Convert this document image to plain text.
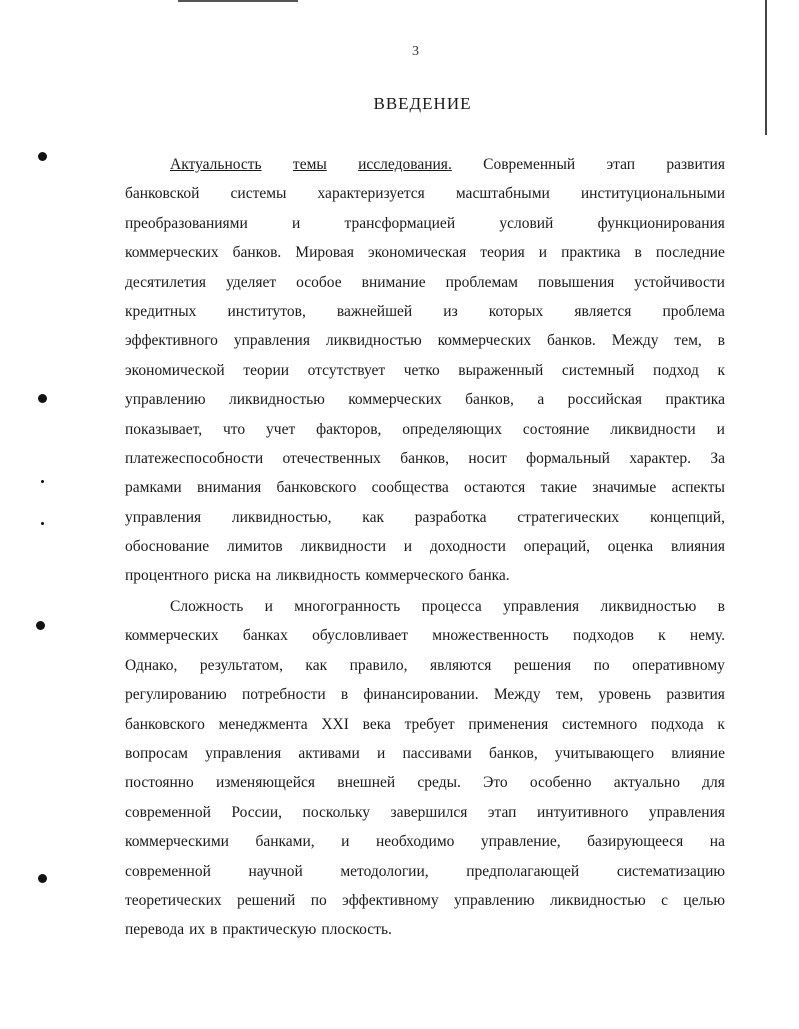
3
ВВЕДЕНИЕ
Актуальность темы исследования. Современный этап развития
банковской системы характеризуется масштабными институциональными
преобразованиями	и	трансформацией	условий	функционирования
коммерческих банков. Мировая экономическая теория и практика в последние
десятилетия уделяет особое внимание проблемам повышения устойчивости
кредитных институтов, важнейшей из которых является проблема
эффективного управления ликвидностью коммерческих банков. Между тем, в
экономической теории отсутствует четко выраженный системный подход к
управлению ликвидностью коммерческих банков, а российская практика
показывает, что учет факторов, определяющих состояние ликвидности и
платежеспособности отечественных банков, носит формальный характер. За
рамками внимания банковского сообщества остаются такие значимые аспекты
управления ликвидностью, как разработка стратегических концепций,
обоснование лимитов ликвидности и доходности операций, оценка влияния
процентного риска на ликвидность коммерческого банка.
Сложность и многогранность процесса управления ликвидностью в
коммерческих банках обусловливает множественность подходов к нему.
Однако, результатом, как правило, являются решения по оперативному
регулированию потребности в финансировании. Между тем, уровень развития
банковского менеджмента XXI века требует применения системного подхода к
вопросам управления активами и пассивами банков, учитывающего влияние
постоянно изменяющейся внешней среды. Это особенно актуально для
современной России, поскольку завершился этап интуитивного управления
коммерческими банками, и необходимо управление, базирующееся на
современной научной методологии, предполагающей систематизацию
теоретических решений по эффективному управлению ликвидностью с целью
перевода их в практическую плоскость.
